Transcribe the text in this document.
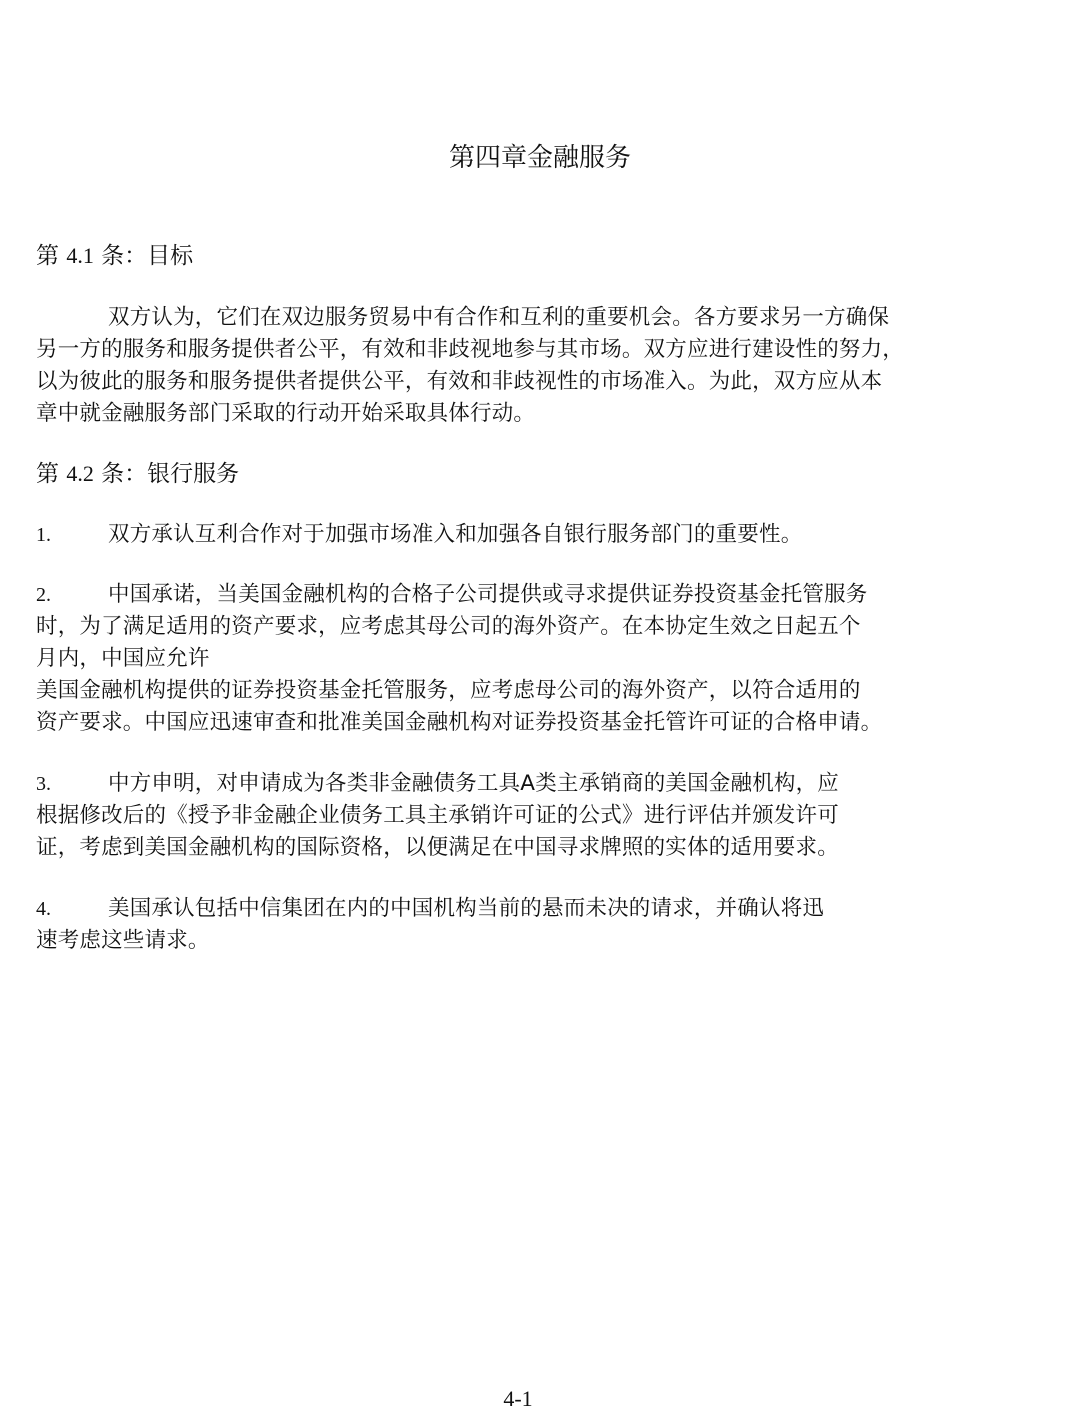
第四章金融服务
第 4.1 条：目标
双方认为，它们在双边服务贸易中有合作和互利的重要机会。各方要求另一方确保
另一方的服务和服务提供者公平，有效和非歧视地参与其市场。双方应进行建设性的努力，
以为彼此的服务和服务提供者提供公平，有效和非歧视性的市场准入。为此，双方应从本
章中就金融服务部门采取的行动开始采取具体行动。
第 4.2 条：银行服务
1.	双方承认互利合作对于加强市场准入和加强各自银行服务部门的重要性。
2.	中国承诺，当美国金融机构的合格子公司提供或寻求提供证券投资基金托管服务
时，为了满足适用的资产要求，应考虑其母公司的海外资产。在本协定生效之日起五个
月内，中国应允许
美国金融机构提供的证券投资基金托管服务，应考虑母公司的海外资产，以符合适用的
资产要求。中国应迅速审查和批准美国金融机构对证券投资基金托管许可证的合格申请。
3.	中方申明，对申请成为各类非金融债务工具A类主承销商的美国金融机构，应
根据修改后的《授予非金融企业债务工具主承销许可证的公式》进行评估并颁发许可
证，考虑到美国金融机构的国际资格，以便满足在中国寻求牌照的实体的适用要求。
4.	美国承认包括中信集团在内的中国机构当前的悬而未决的请求，并确认将迅
速考虑这些请求。
4-1
